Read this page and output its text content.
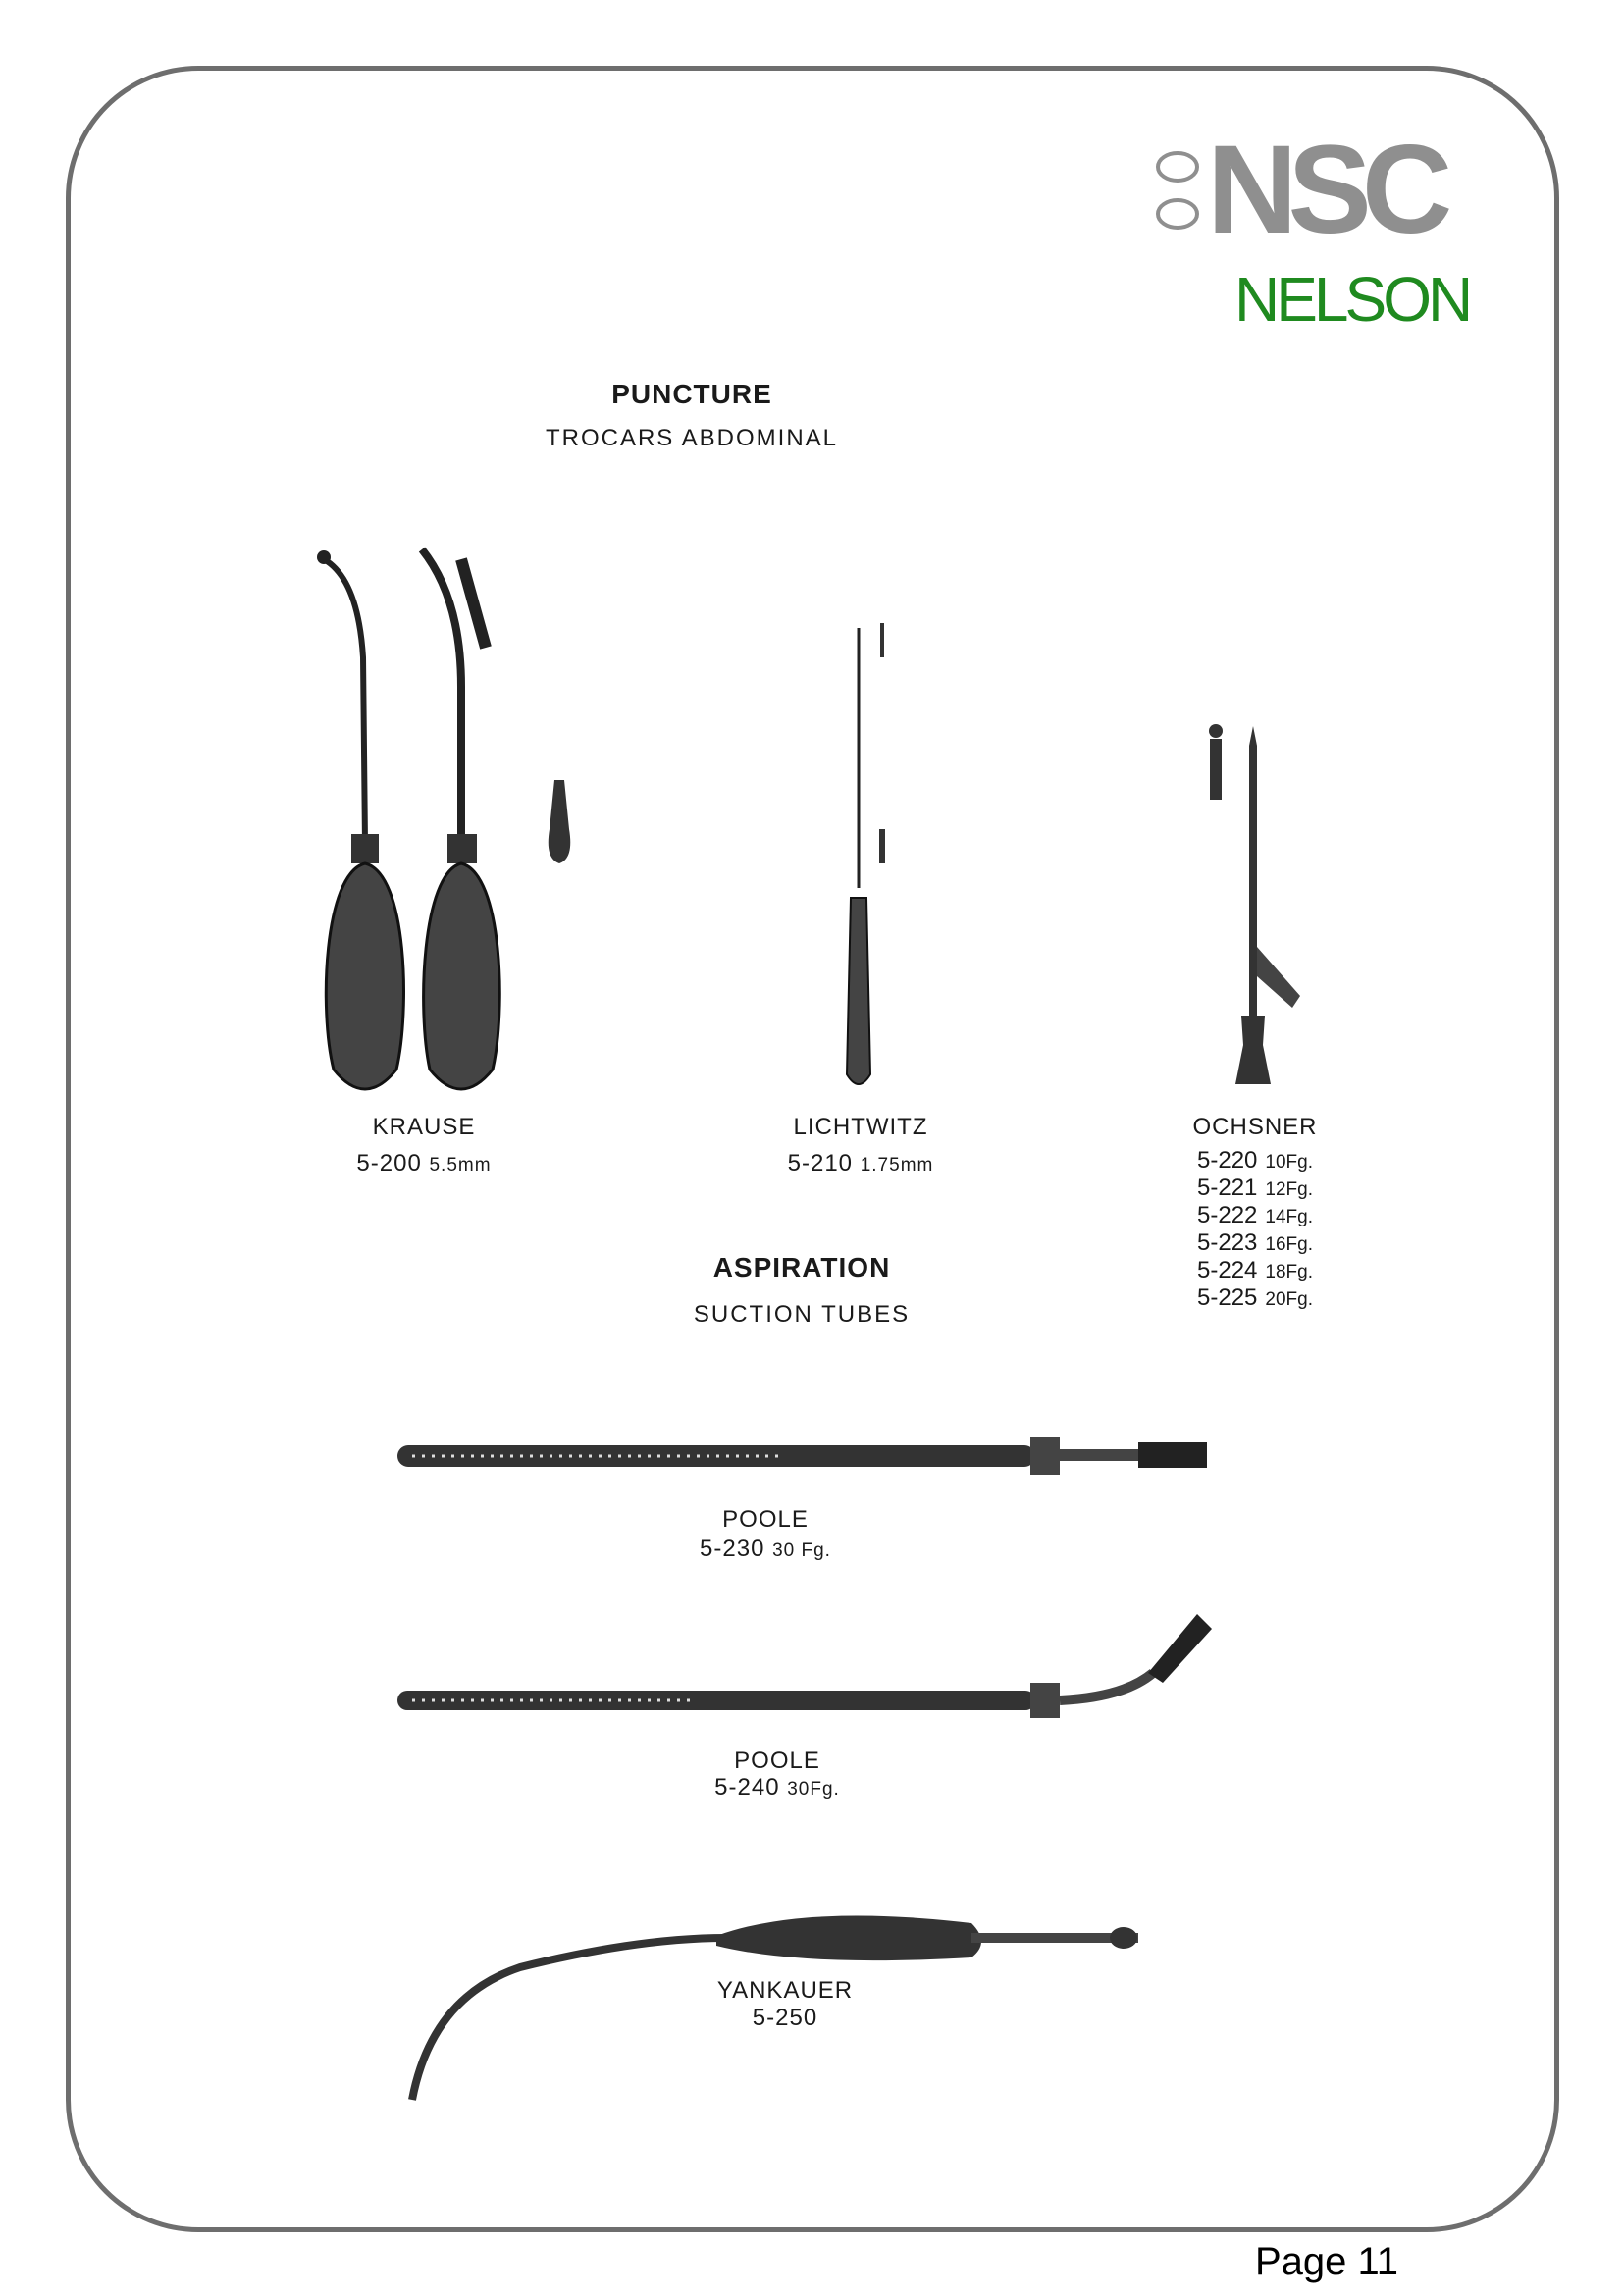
NSC
NELSON
PUNCTURE
TROCARS ABDOMINAL
KRAUSE
5-200 5.5mm
LICHTWITZ
5-210 1.75mm
OCHSNER
5-220 10Fg.
5-221 12Fg.
5-222 14Fg.
5-223 16Fg.
5-224 18Fg.
5-225 20Fg.
ASPIRATION
SUCTION TUBES
POOLE
5-230 30 Fg.
POOLE
5-240 30Fg.
YANKAUER
5-250
Page 11
